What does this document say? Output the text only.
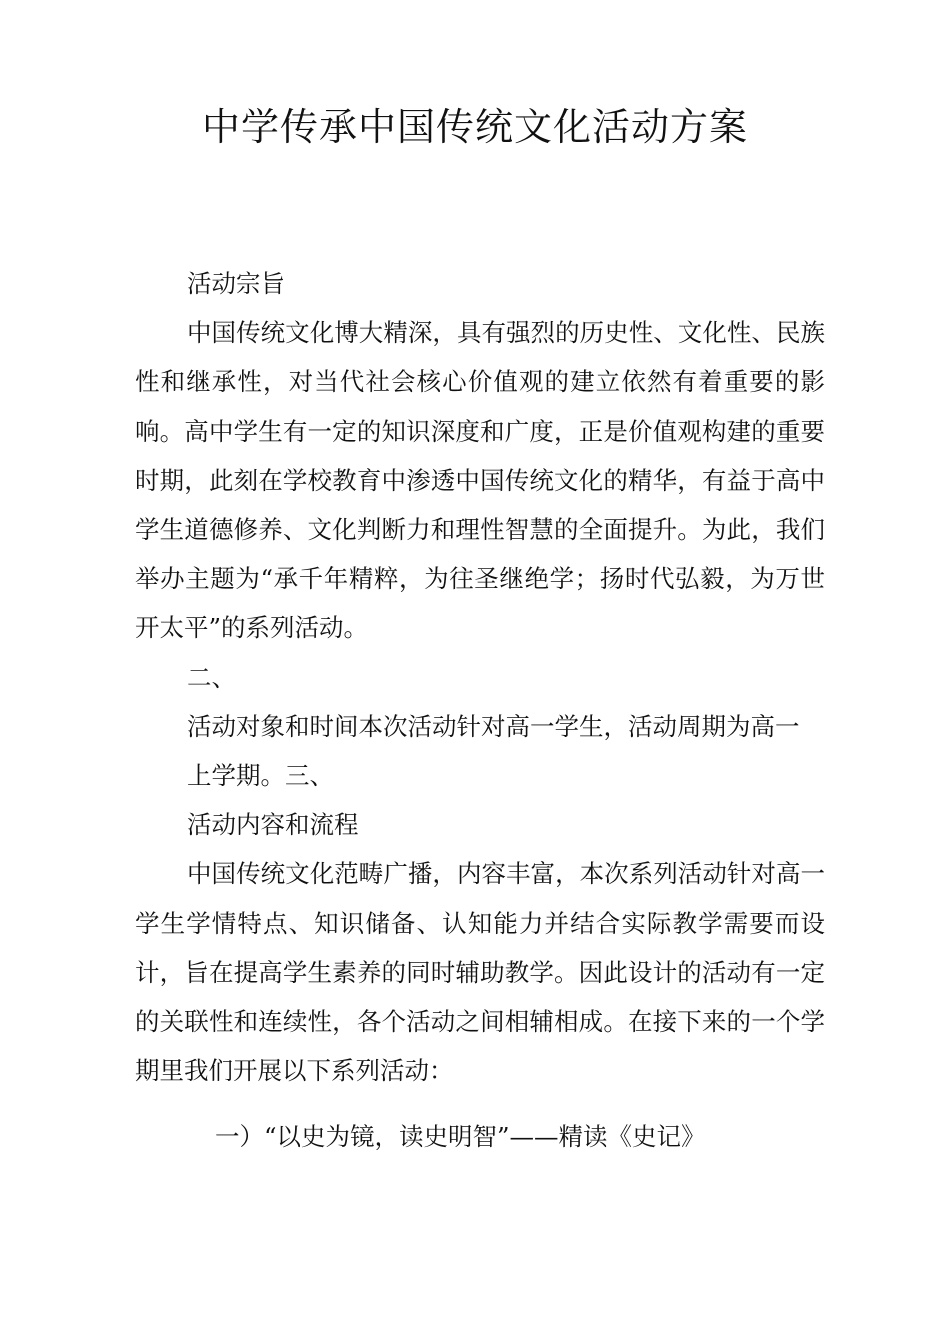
中学传承中国传统文化活动方案

活动宗旨

中国传统文化博大精深，具有强烈的历史性、文化性、民族性和继承性，对当代社会核心价值观的建立依然有着重要的影响。高中学生有一定的知识深度和广度，正是价值观构建的重要时期，此刻在学校教育中渗透中国传统文化的精华，有益于高中学生道德修养、文化判断力和理性智慧的全面提升。为此，我们举办主题为“承千年精粹，为往圣继绝学；扬时代弘毅，为万世开太平”的系列活动。

二、

活动对象和时间本次活动针对高一学生，活动周期为高一

上学期。三、

活动内容和流程

中国传统文化范畴广播，内容丰富，本次系列活动针对高一学生学情特点、知识储备、认知能力并结合实际教学需要而设计，旨在提高学生素养的同时辅助教学。因此设计的活动有一定的关联性和连续性，各个活动之间相辅相成。在接下来的一个学期里我们开展以下系列活动：

一）“以史为镜，读史明智”——精读《史记》
